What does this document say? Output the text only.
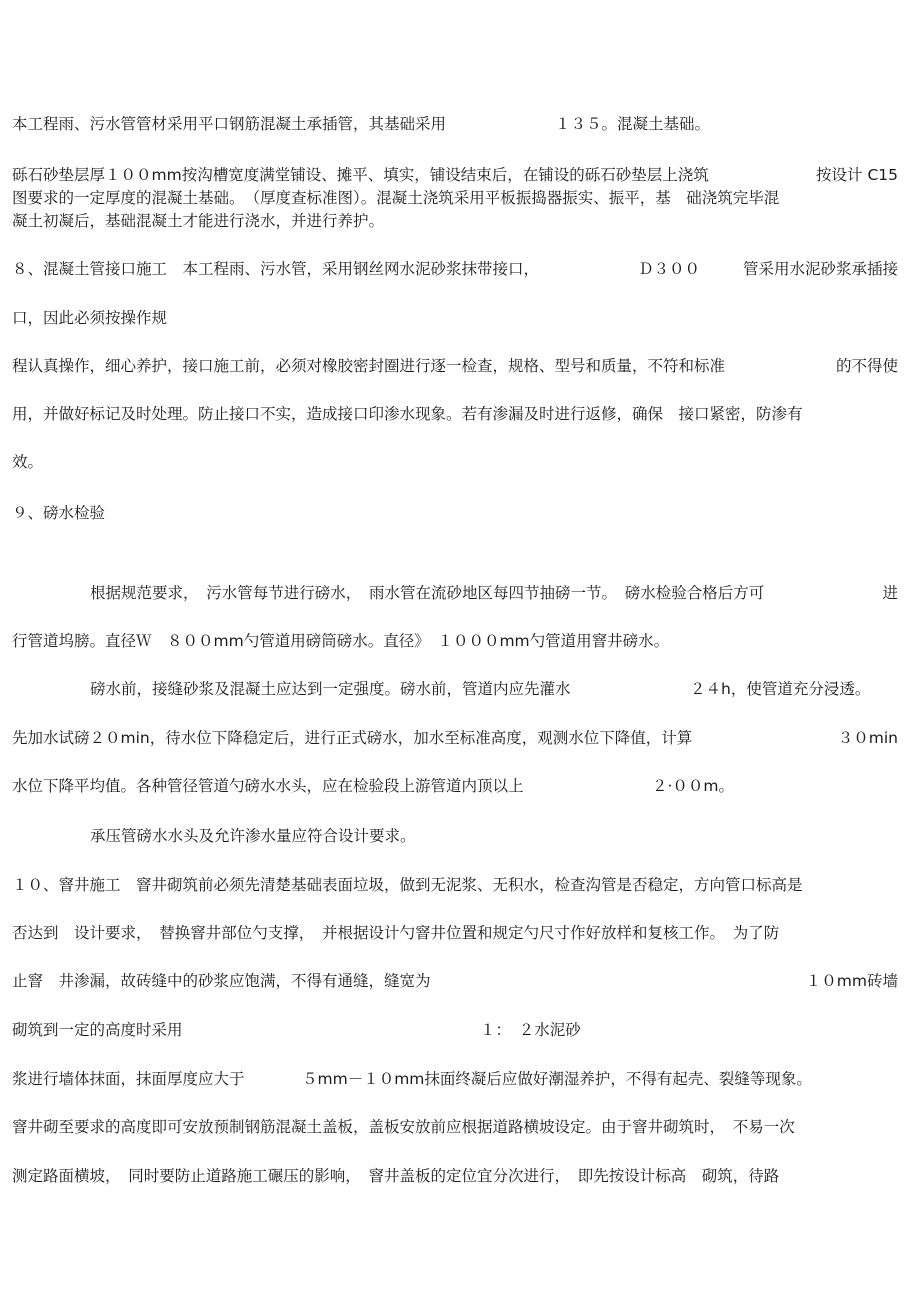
本工程雨、污水管管材采用平口钢筋混凝土承插管，其基础采用	１３５。混凝土基础。
砾石砂垫层厚１００mm按沟槽宽度满堂铺设、摊平、填实，铺设结束后，在铺设的砾石砂垫层上浇筑	按设计 C15
图要求的一定厚度的混凝土基础。　（厚度查标准图）。混凝土浇筑采用平板振捣器振实、振平，基　础浇筑完毕混
凝土初凝后，基础混凝土才能进行浇水，并进行养护。
８、混凝土管接口施工　本工程雨、污水管，采用钢丝网水泥砂浆抹带接口，	Ｄ３００	管采用水泥砂浆承插接
口，因此必须按操作规
程认真操作，细心养护，接口施工前，必须对橡胶密封圈进行逐一检查，规格、型号和质量，不符和标准	的不得使
用，并做好标记及时处理。防止接口不实，造成接口印渗水现象。若有渗漏及时进行返修，确保　接口紧密，防渗有
效。
９、磅水检验
根据规范要求，　污水管每节进行磅水，　雨水管在流砂地区每四节抽磅一节。　磅水检验合格后方可	进
行管道坞膀。直径Ｗ　８００mm勺管道用磅筒磅水。直径》　１０００mm勺管道用窨井磅水。
磅水前，接缝砂浆及混凝土应达到一定强度。磅水前，管道内应先灌水	２４h，使管道充分浸透。
先加水试磅２０min，待水位下降稳定后，进行正式磅水，加水至标准高度，观测水位下降值，计算	３０min
水位下降平均值。各种管径管道勺磅水水头，应在检验段上游管道内顶以上	２·００m。
承压管磅水水头及允许渗水量应符合设计要求。
１０、窨井施工　窨井砌筑前必须先清楚基础表面垃圾，做到无泥浆、无积水，检查沟管是否稳定，方向管口标高是
否达到　设计要求，　替换窨井部位勺支撑，　并根据设计勺窨井位置和规定勺尺寸作好放样和复核工作。　为了防
止窨　井渗漏，故砖缝中的砂浆应饱满，不得有通缝，缝宽为	１０mm砖墙
砌筑到一定的高度时采用	１：　２水泥砂
浆进行墙体抹面，抹面厚度应大于	５mm－１０mm抹面终凝后应做好潮湿养护，不得有起壳、裂缝等现象。
窨井砌至要求的高度即可安放预制钢筋混凝土盖板，盖板安放前应根据道路横坡设定。由于窨井砌筑时，　不易一次
测定路面横坡，　同时要防止道路施工碾压的影响，　窨井盖板的定位宜分次进行，　即先按设计标高　砌筑，待路
